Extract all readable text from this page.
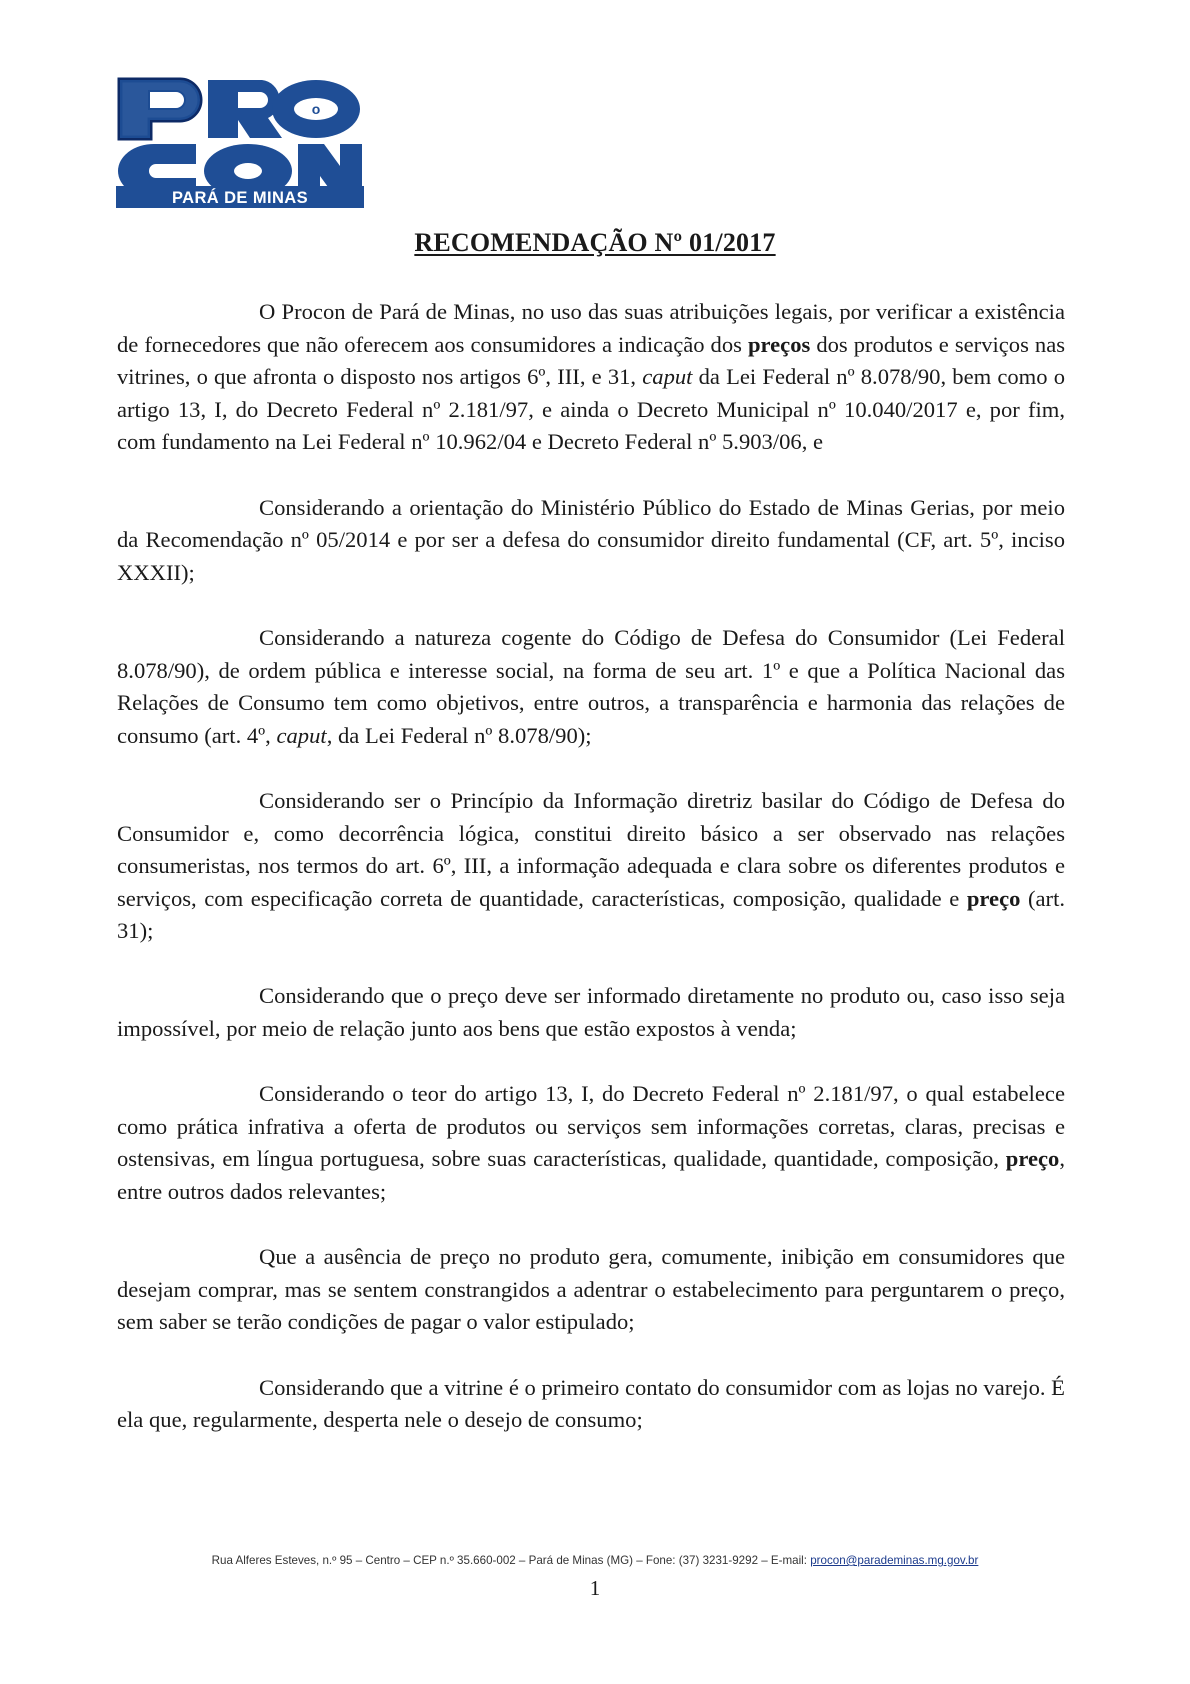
o
PARÁ DE MINAS
RECOMENDAÇÃO Nº 01/2017

O Procon de Pará de Minas, no uso das suas atribuições legais, por verificar a existência de fornecedores que não oferecem aos consumidores a indicação dos preços dos produtos e serviços nas vitrines, o que afronta o disposto nos artigos 6º, III, e 31, caput da Lei Federal nº 8.078/90, bem como o artigo 13, I, do Decreto Federal nº 2.181/97, e ainda o Decreto Municipal nº 10.040/2017 e, por fim, com fundamento na Lei Federal nº 10.962/04 e Decreto Federal nº 5.903/06, e

Considerando a orientação do Ministério Público do Estado de Minas Gerias, por meio da Recomendação nº 05/2014 e por ser a defesa do consumidor direito fundamental (CF, art. 5º, inciso XXXII);

Considerando a natureza cogente do Código de Defesa do Consumidor (Lei Federal 8.078/90), de ordem pública e interesse social, na forma de seu art. 1º e que a Política Nacional das Relações de Consumo tem como objetivos, entre outros, a transparência e harmonia das relações de consumo (art. 4º, caput, da Lei Federal nº 8.078/90);

Considerando ser o Princípio da Informação diretriz basilar do Código de Defesa do Consumidor e, como decorrência lógica, constitui direito básico a ser observado nas relações consumeristas, nos termos do art. 6º, III, a informação adequada e clara sobre os diferentes produtos e serviços, com especificação correta de quantidade, características, composição, qualidade e preço (art. 31);

Considerando que o preço deve ser informado diretamente no produto ou, caso isso seja impossível, por meio de relação junto aos bens que estão expostos à venda;

Considerando o teor do artigo 13, I, do Decreto Federal nº 2.181/97, o qual estabelece como prática infrativa a oferta de produtos ou serviços sem informações corretas, claras, precisas e ostensivas, em língua portuguesa, sobre suas características, qualidade, quantidade, composição, preço, entre outros dados relevantes;

Que a ausência de preço no produto gera, comumente, inibição em consumidores que desejam comprar, mas se sentem constrangidos a adentrar o estabelecimento para perguntarem o preço, sem saber se terão condições de pagar o valor estipulado;

Considerando que a vitrine é o primeiro contato do consumidor com as lojas no varejo. É ela que, regularmente, desperta nele o desejo de consumo;

Rua Alferes Esteves, n.º 95 – Centro – CEP n.º 35.660-002 – Pará de Minas (MG) – Fone: (37) 3231-9292 – E-mail: procon@parademinas.mg.gov.br
1
